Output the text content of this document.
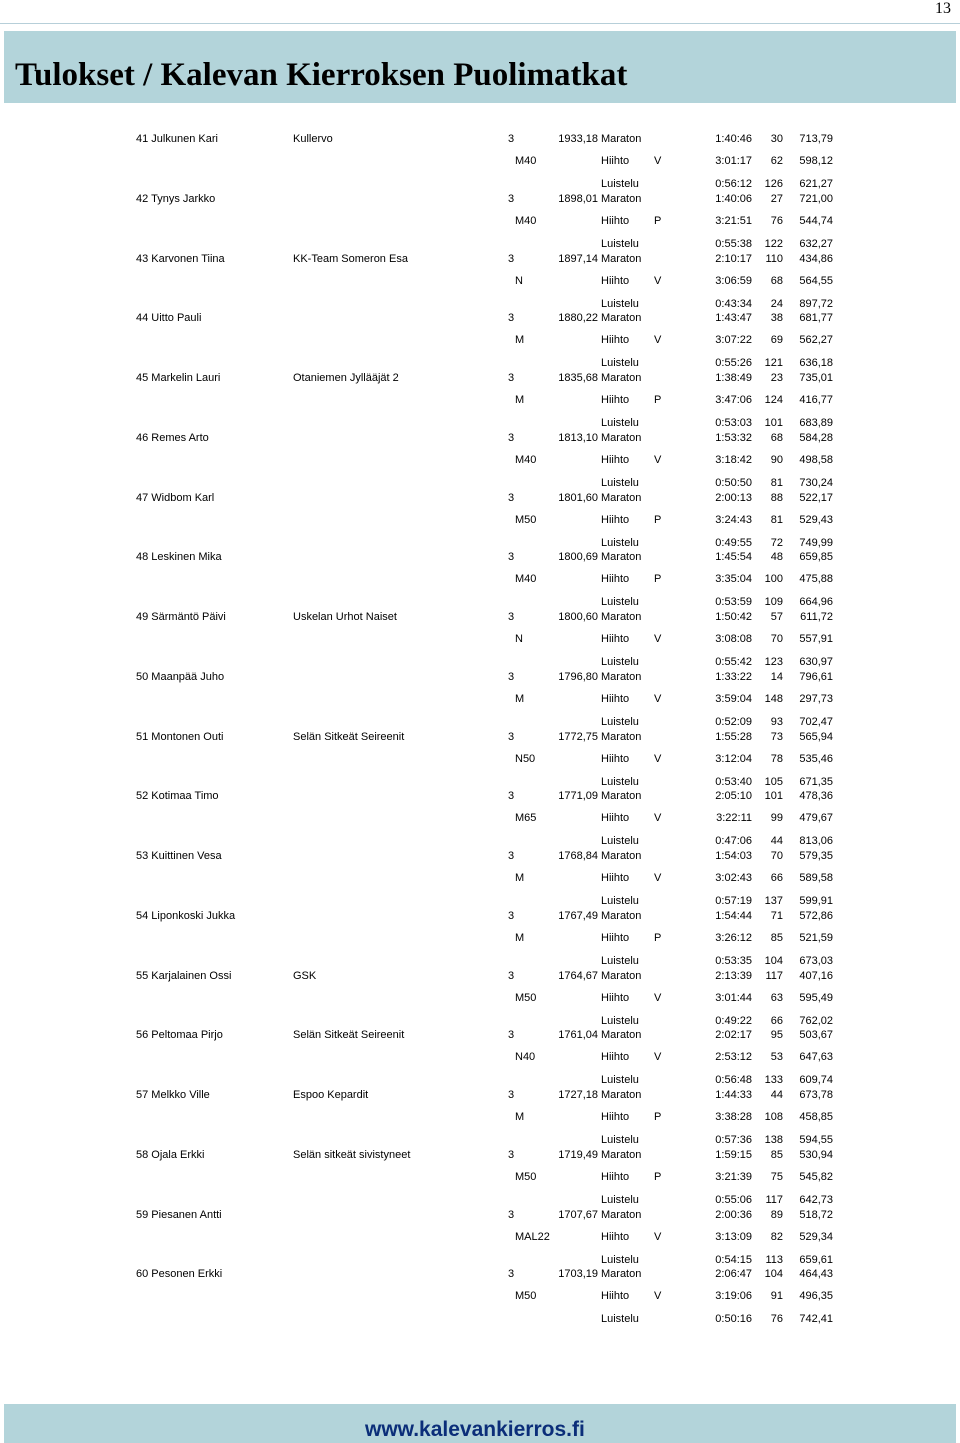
13
Tulokset / Kalevan Kierroksen Puolimatkat
41 Julkunen Kari	Kullervo	3	1933,18 Maraton	1:40:46	30	713,79
M40	Hiihto V	3:01:17	62	598,12
Luistelu	0:56:12	126	621,27
42 Tynys Jarkko	3	1898,01 Maraton	1:40:06	27	721,00
M40	Hiihto P	3:21:51	76	544,74
Luistelu	0:55:38	122	632,27
43 Karvonen Tiina	KK-Team Someron Esa	3	1897,14 Maraton	2:10:17	110	434,86
N	Hiihto V	3:06:59	68	564,55
Luistelu	0:43:34	24	897,72
44 Uitto Pauli	3	1880,22 Maraton	1:43:47	38	681,77
M	Hiihto V	3:07:22	69	562,27
Luistelu	0:55:26	121	636,18
45 Markelin Lauri	Otaniemen Jyllääjät 2	3	1835,68 Maraton	1:38:49	23	735,01
M	Hiihto P	3:47:06	124	416,77
Luistelu	0:53:03	101	683,89
46 Remes Arto	3	1813,10 Maraton	1:53:32	68	584,28
M40	Hiihto V	3:18:42	90	498,58
Luistelu	0:50:50	81	730,24
47 Widbom Karl	3	1801,60 Maraton	2:00:13	88	522,17
M50	Hiihto P	3:24:43	81	529,43
Luistelu	0:49:55	72	749,99
48 Leskinen Mika	3	1800,69 Maraton	1:45:54	48	659,85
M40	Hiihto P	3:35:04	100	475,88
Luistelu	0:53:59	109	664,96
49 Särmäntö Päivi	Uskelan Urhot Naiset	3	1800,60 Maraton	1:50:42	57	611,72
N	Hiihto V	3:08:08	70	557,91
Luistelu	0:55:42	123	630,97
50 Maanpää Juho	3	1796,80 Maraton	1:33:22	14	796,61
M	Hiihto V	3:59:04	148	297,73
Luistelu	0:52:09	93	702,47
51 Montonen Outi	Selän Sitkeät Seireenit	3	1772,75 Maraton	1:55:28	73	565,94
N50	Hiihto V	3:12:04	78	535,46
Luistelu	0:53:40	105	671,35
52 Kotimaa Timo	3	1771,09 Maraton	2:05:10	101	478,36
M65	Hiihto V	3:22:11	99	479,67
Luistelu	0:47:06	44	813,06
53 Kuittinen Vesa	3	1768,84 Maraton	1:54:03	70	579,35
M	Hiihto V	3:02:43	66	589,58
Luistelu	0:57:19	137	599,91
54 Liponkoski Jukka	3	1767,49 Maraton	1:54:44	71	572,86
M	Hiihto P	3:26:12	85	521,59
Luistelu	0:53:35	104	673,03
55 Karjalainen Ossi	GSK	3	1764,67 Maraton	2:13:39	117	407,16
M50	Hiihto V	3:01:44	63	595,49
Luistelu	0:49:22	66	762,02
56 Peltomaa Pirjo	Selän Sitkeät Seireenit	3	1761,04 Maraton	2:02:17	95	503,67
N40	Hiihto V	2:53:12	53	647,63
Luistelu	0:56:48	133	609,74
57 Melkko Ville	Espoo Kepardit	3	1727,18 Maraton	1:44:33	44	673,78
M	Hiihto P	3:38:28	108	458,85
Luistelu	0:57:36	138	594,55
58 Ojala Erkki	Selän sitkeät sivistyneet	3	1719,49 Maraton	1:59:15	85	530,94
M50	Hiihto P	3:21:39	75	545,82
Luistelu	0:55:06	117	642,73
59 Piesanen Antti	3	1707,67 Maraton	2:00:36	89	518,72
MAL22	Hiihto V	3:13:09	82	529,34
Luistelu	0:54:15	113	659,61
60 Pesonen Erkki	3	1703,19 Maraton	2:06:47	104	464,43
M50	Hiihto V	3:19:06	91	496,35
Luistelu	0:50:16	76	742,41
www.kalevankierros.fi
